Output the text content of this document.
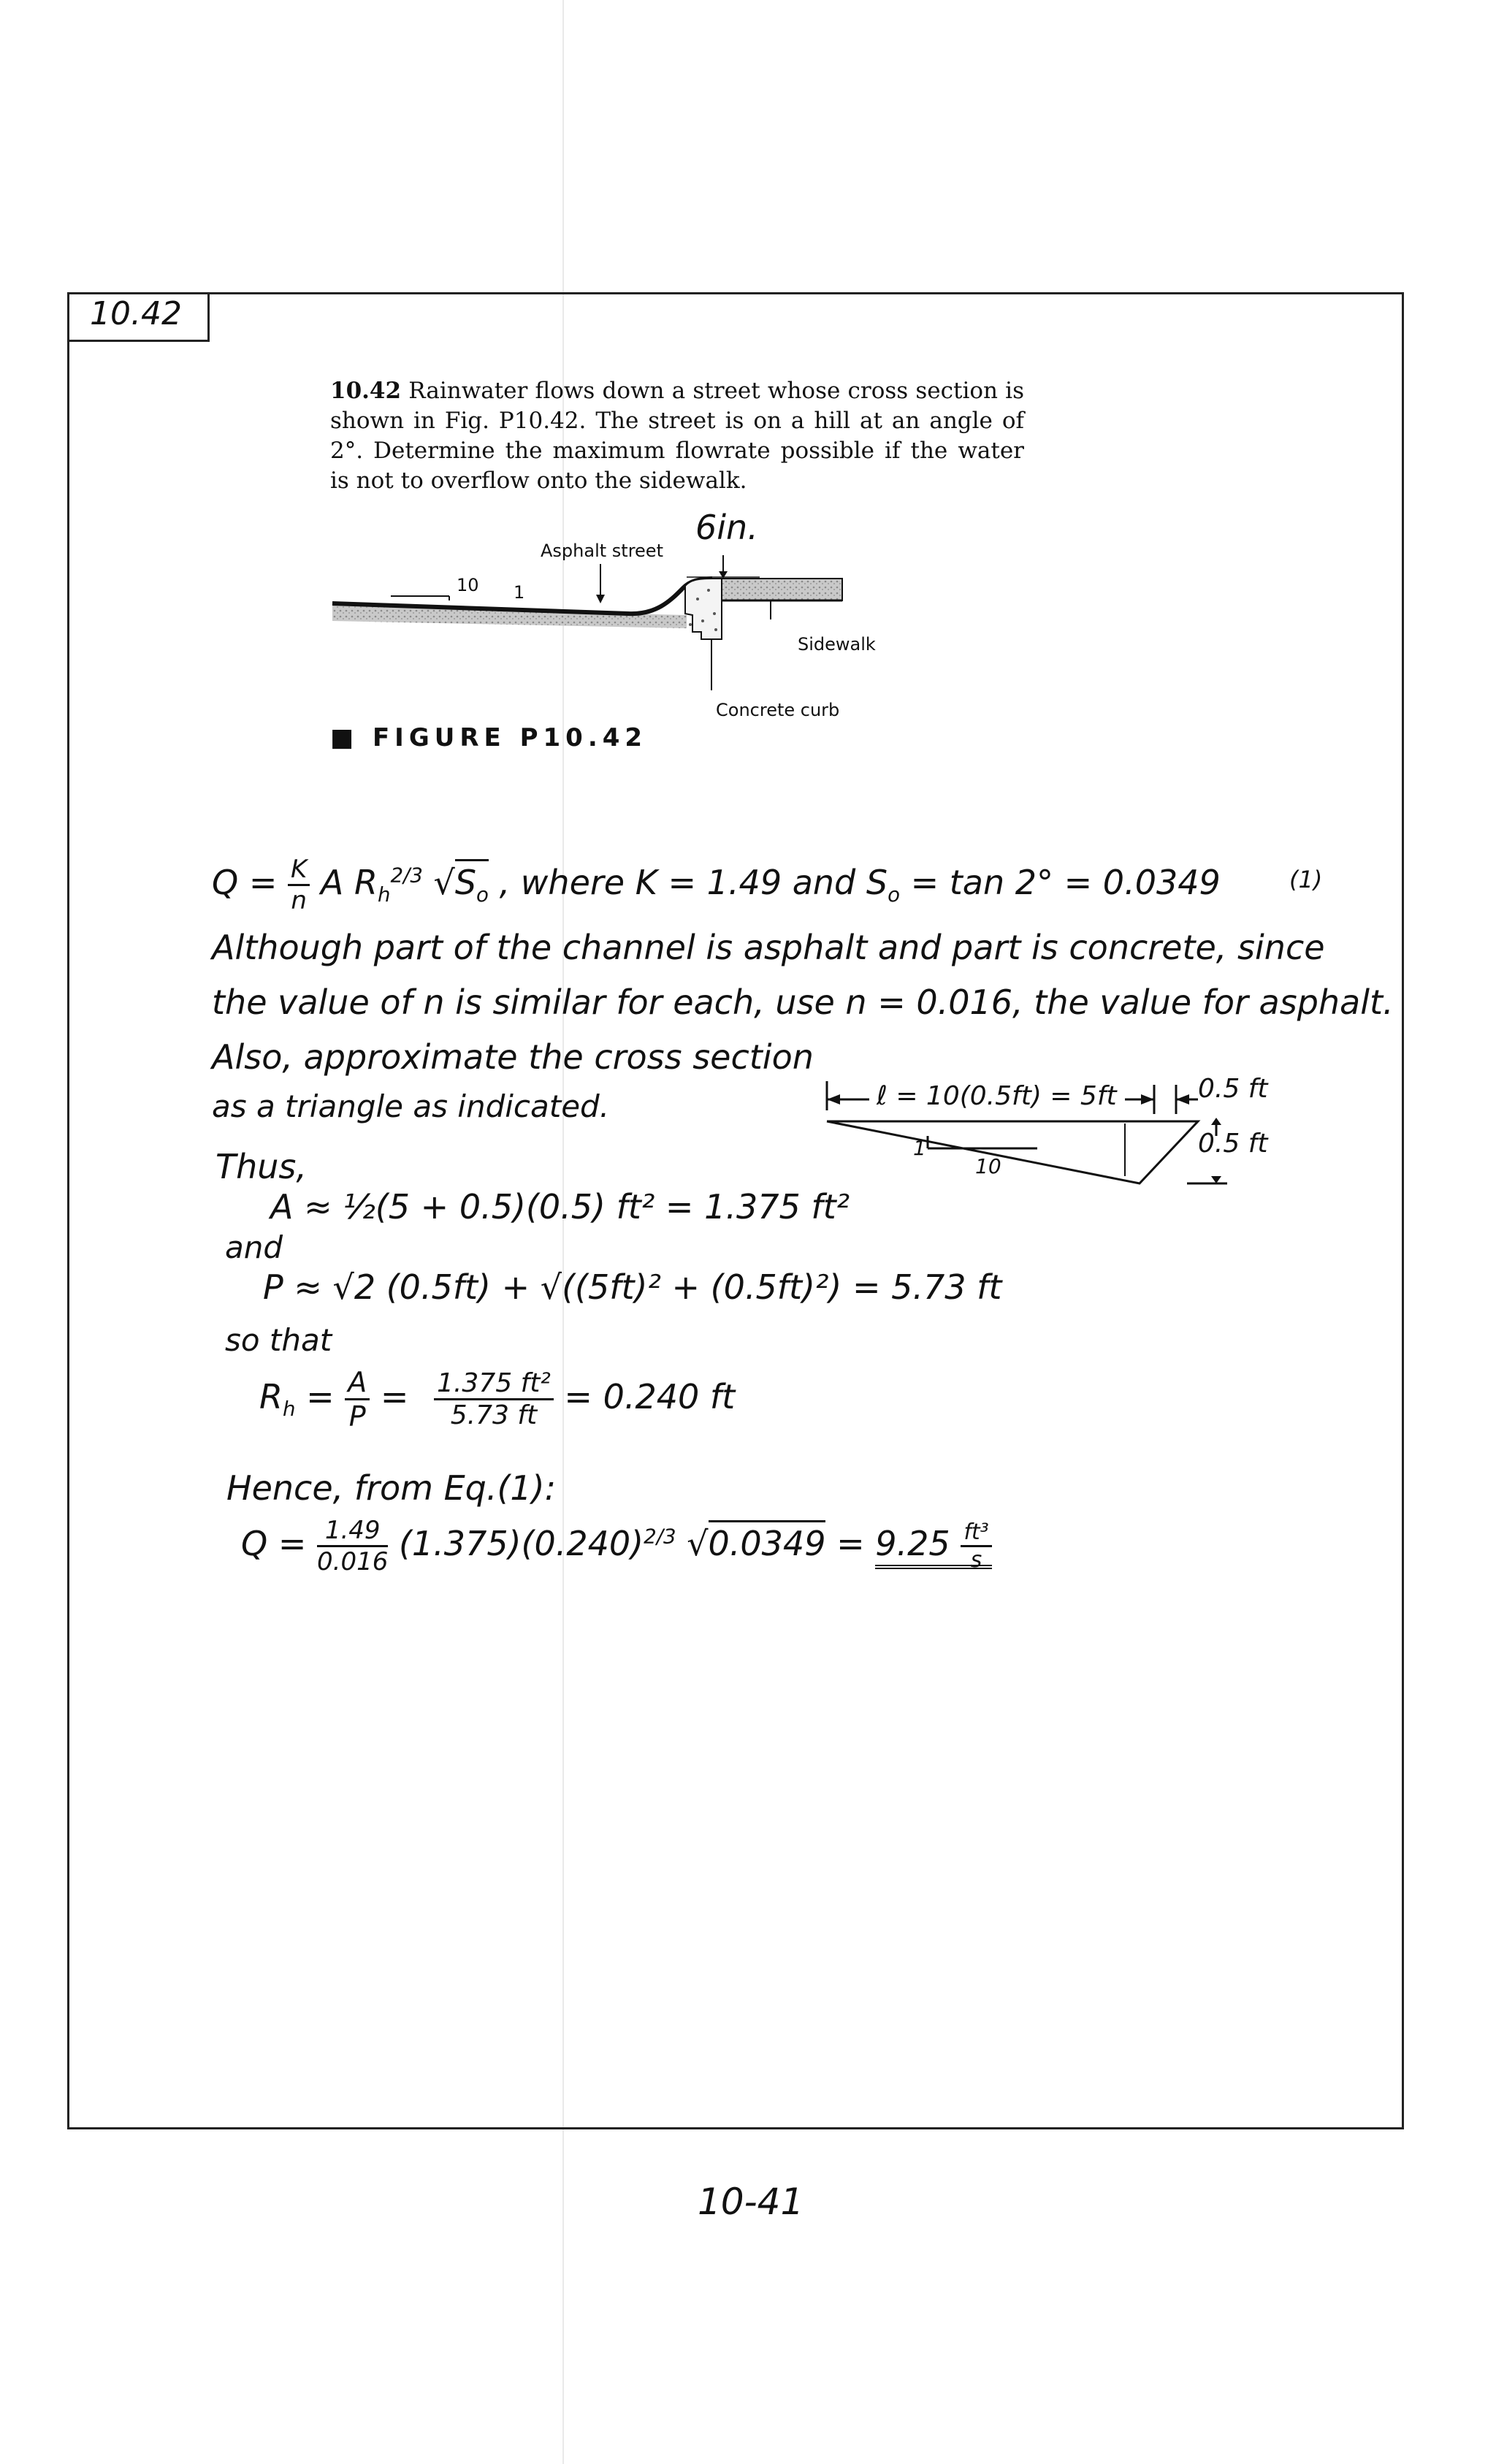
10.42
10.42 Rainwater flows down a street whose cross section is shown in Fig. P10.42. The street is on a hill at an angle of 2°. Determine the maximum flowrate possible if the water is not to overflow onto the sidewalk.
6in.
Asphalt street
10 1
Sidewalk
Concrete curb
■ FIGURE P10.42
$Q = \frac{K}{n}$ A $R_h^{2/3}$ $√S_o$ , where K = 1.49 and $S_o = \tan 2^\circ = 0.0349$	(1)
Although part of the channel is asphalt and part is concrete, since
the value of n is similar for each, use n = 0.016, the value for asphalt.
Also, approximate the cross section
as a triangle as indicated.	ℓ = 10(0.5ft) = 5ft	0.5 ft
0.5 ft
1
10
Thus,
A ≈ ½(5 + 0.5)(0.5) ft² = 1.375 ft²
and
P ≈ √2 (0.5ft) + √((5ft)² + (0.5ft)²) = 5.73 ft
so that
$R_h = \frac{A}{P} = \frac{\text{1.375 ft²}}{5.73 ft} = 0.240$ ft
Hence, from Eq.(1):
$Q = \frac{1.49}{0.016} (1.375)(0.240)^{2/3}$ $√0.0349 = 9.25 \frac{\text{ft³}}{s}$
10-41
